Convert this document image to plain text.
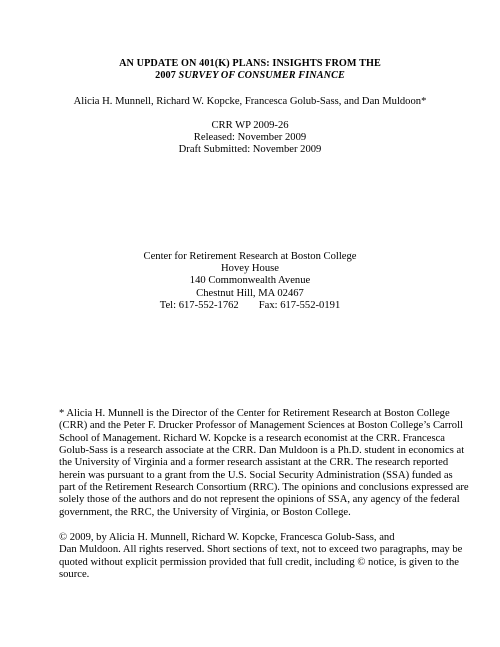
AN UPDATE ON 401(K) PLANS: INSIGHTS FROM THE
2007 SURVEY OF CONSUMER FINANCE
Alicia H. Munnell, Richard W. Kopcke, Francesca Golub-Sass, and Dan Muldoon*
CRR WP 2009-26
Released: November 2009
Draft Submitted: November 2009
Center for Retirement Research at Boston College
Hovey House
140 Commonwealth Avenue
Chestnut Hill, MA 02467
Tel: 617-552-1762 Fax: 617-552-0191
* Alicia H. Munnell is the Director of the Center for Retirement Research at Boston College
(CRR) and the Peter F. Drucker Professor of Management Sciences at Boston College’s Carroll
School of Management. Richard W. Kopcke is a research economist at the CRR. Francesca
Golub-Sass is a research associate at the CRR. Dan Muldoon is a Ph.D. student in economics at
the University of Virginia and a former research assistant at the CRR. The research reported
herein was pursuant to a grant from the U.S. Social Security Administration (SSA) funded as
part of the Retirement Research Consortium (RRC). The opinions and conclusions expressed are
solely those of the authors and do not represent the opinions of SSA, any agency of the federal
government, the RRC, the University of Virginia, or Boston College.
© 2009, by Alicia H. Munnell, Richard W. Kopcke, Francesca Golub-Sass, and
Dan Muldoon. All rights reserved. Short sections of text, not to exceed two paragraphs, may be
quoted without explicit permission provided that full credit, including © notice, is given to the
source.
